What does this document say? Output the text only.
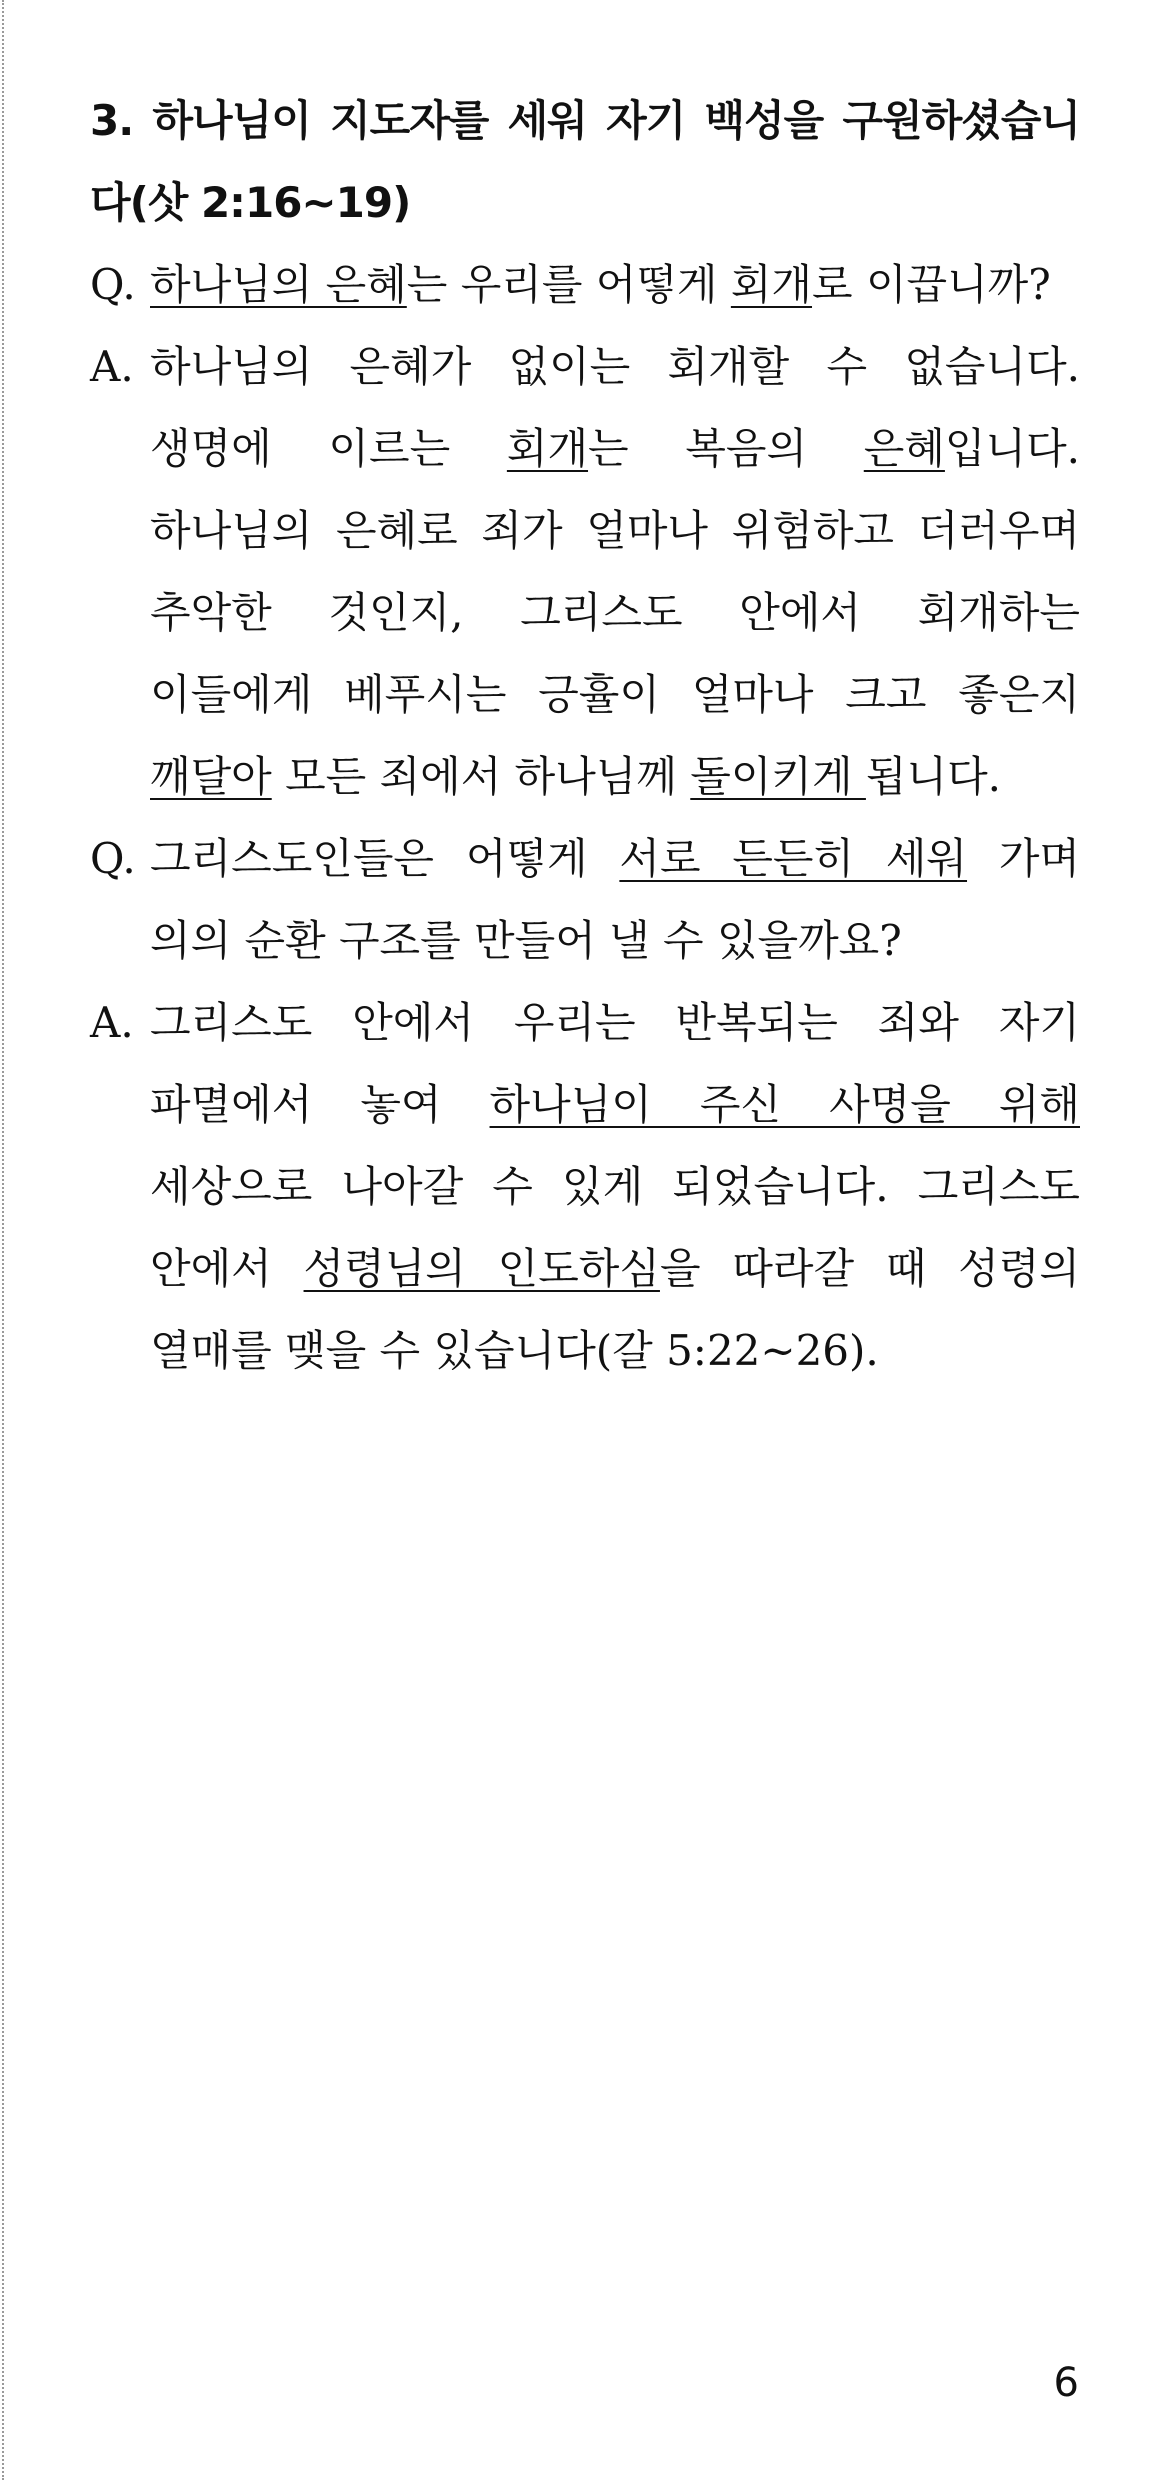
3. 하나님이 지도자를 세워 자기 백성을 구원하셨습니다(삿 2:16~19)

Q. 하나님의 은혜는 우리를 어떻게 회개로 이끕니까?

A. 하나님의 은혜가 없이는 회개할 수 없습니다. 생명에 이르는 회개는 복음의 은혜입니다. 하나님의 은혜로 죄가 얼마나 위험하고 더러우며 추악한 것인지, 그리스도 안에서 회개하는 이들에게 베푸시는 긍휼이 얼마나 크고 좋은지 깨달아 모든 죄에서 하나님께 돌이키게 됩니다.

Q. 그리스도인들은 어떻게 서로 든든히 세워 가며 의의 순환 구조를 만들어 낼 수 있을까요?

A. 그리스도 안에서 우리는 반복되는 죄와 자기 파멸에서 놓여 하나님이 주신 사명을 위해 세상으로 나아갈 수 있게 되었습니다. 그리스도 안에서 성령님의 인도하심을 따라갈 때 성령의 열매를 맺을 수 있습니다(갈 5:22~26).

6
